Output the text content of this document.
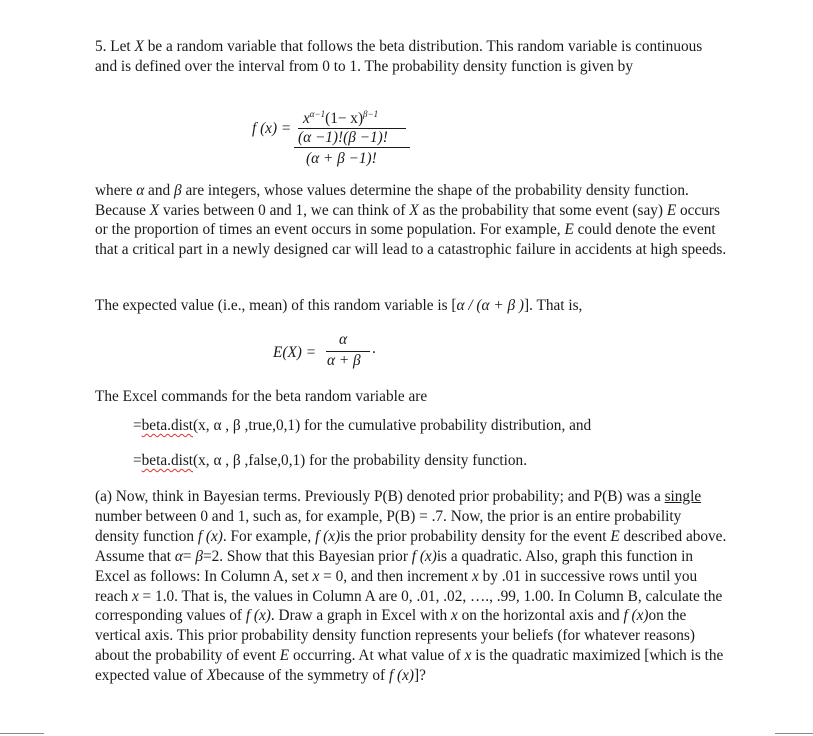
5. Let X be a random variable that follows the beta distribution. This random variable is continuous and is defined over the interval from 0 to 1. The probability density function is given by

f (x) =
$x^{\alpha-1}(1- x)^{\beta-1}$
(α −1)!(β −1)!
(α + β −1)!

where α and β are integers, whose values determine the shape of the probability density function. Because X varies between 0 and 1, we can think of X as the probability that some event (say) E occurs or the proportion of times an event occurs in some population. For example, E could denote the event that a critical part in a newly designed car will lead to a catastrophic failure in accidents at high speeds.

The expected value (i.e., mean) of this random variable is [α / (α + β )]. That is,

E(X) =
α
α + β
.

The Excel commands for the beta random variable are

=beta.dist(x, α , β ,true,0,1) for the cumulative probability distribution, and

=beta.dist(x, α , β ,false,0,1) for the probability density function.

(a) Now, think in Bayesian terms. Previously P(B) denoted prior probability; and P(B) was a single number between 0 and 1, such as, for example, P(B) = .7. Now, the prior is an entire probability density function f (x). For example, f (x)is the prior probability density for the event E described above. Assume that α= β=2. Show that this Bayesian prior f (x)is a quadratic. Also, graph this function in Excel as follows: In Column A, set x = 0, and then increment x by .01 in successive rows until you reach x = 1.0. That is, the values in Column A are 0, .01, .02, …., .99, 1.00. In Column B, calculate the corresponding values of f (x). Draw a graph in Excel with x on the horizontal axis and f (x)on the vertical axis. This prior probability density function represents your beliefs (for whatever reasons) about the probability of event E occurring. At what value of x is the quadratic maximized [which is the expected value of Xbecause of the symmetry of f (x)]?
